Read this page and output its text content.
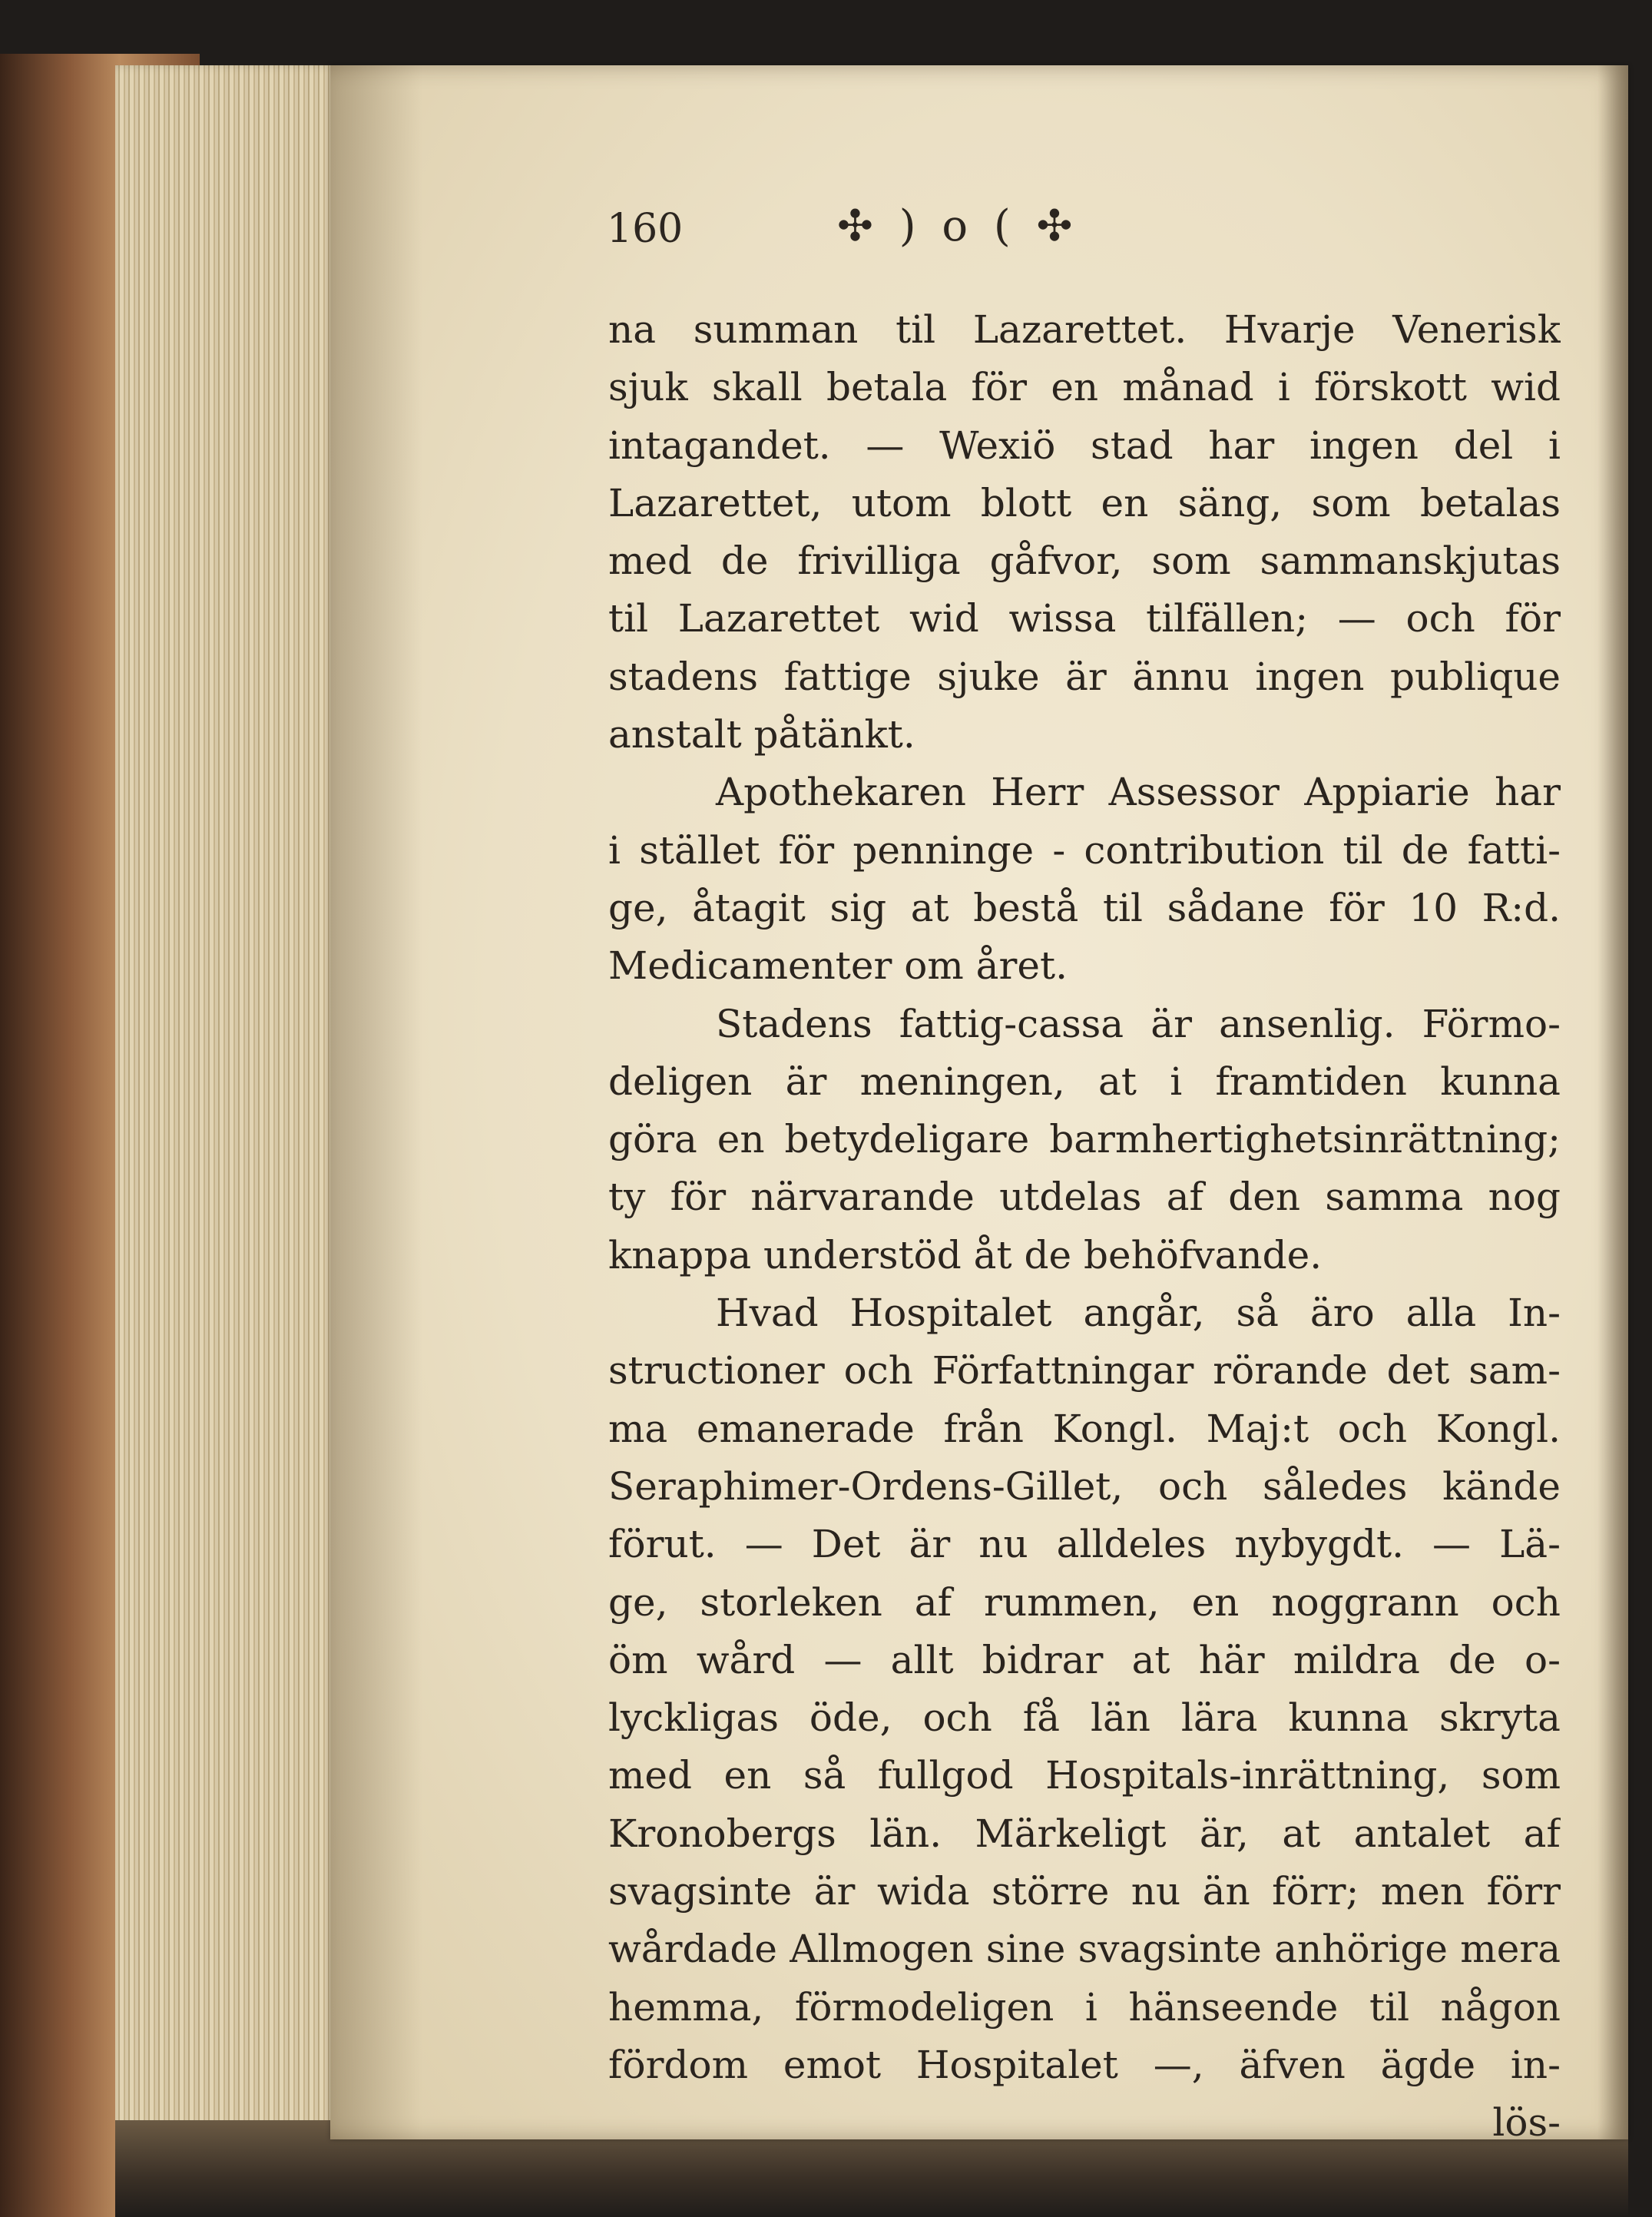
160	✣ ) o ( ✣
na summan til Lazarettet. Hvarje Venerisk
sjuk skall betala för en månad i förskott wid
intagandet. — Wexiö stad har ingen del i
Lazarettet, utom blott en säng, som betalas
med de frivilliga gåfvor, som sammanskjutas
til Lazarettet wid wissa tilfällen; — och för
stadens fattige sjuke är ännu ingen publique
anstalt påtänkt.
Apothekaren Herr Assessor Appiarie har
i stället för penninge - contribution til de fatti-
ge, åtagit sig at bestå til sådane för 10 R:d.
Medicamenter om året.
Stadens fattig-cassa är ansenlig. Förmo-
deligen är meningen, at i framtiden kunna
göra en betydeligare barmhertighetsinrättning;
ty för närvarande utdelas af den samma nog
knappa understöd åt de behöfvande.
Hvad Hospitalet angår, så äro alla In-
structioner och Författningar rörande det sam-
ma emanerade från Kongl. Maj:t och Kongl.
Seraphimer-Ordens-Gillet, och således kände
förut. — Det är nu alldeles nybygdt. — Lä-
ge, storleken af rummen, en noggrann och
öm wård — allt bidrar at här mildra de o-
lyckligas öde, och få län lära kunna skryta
med en så fullgod Hospitals-inrättning, som
Kronobergs län. Märkeligt är, at antalet af
svagsinte är wida större nu än förr; men förr
wårdade Allmogen sine svagsinte anhörige mera
hemma, förmodeligen i hänseende til någon
fördom emot Hospitalet —, äfven ägde in-
lös-
